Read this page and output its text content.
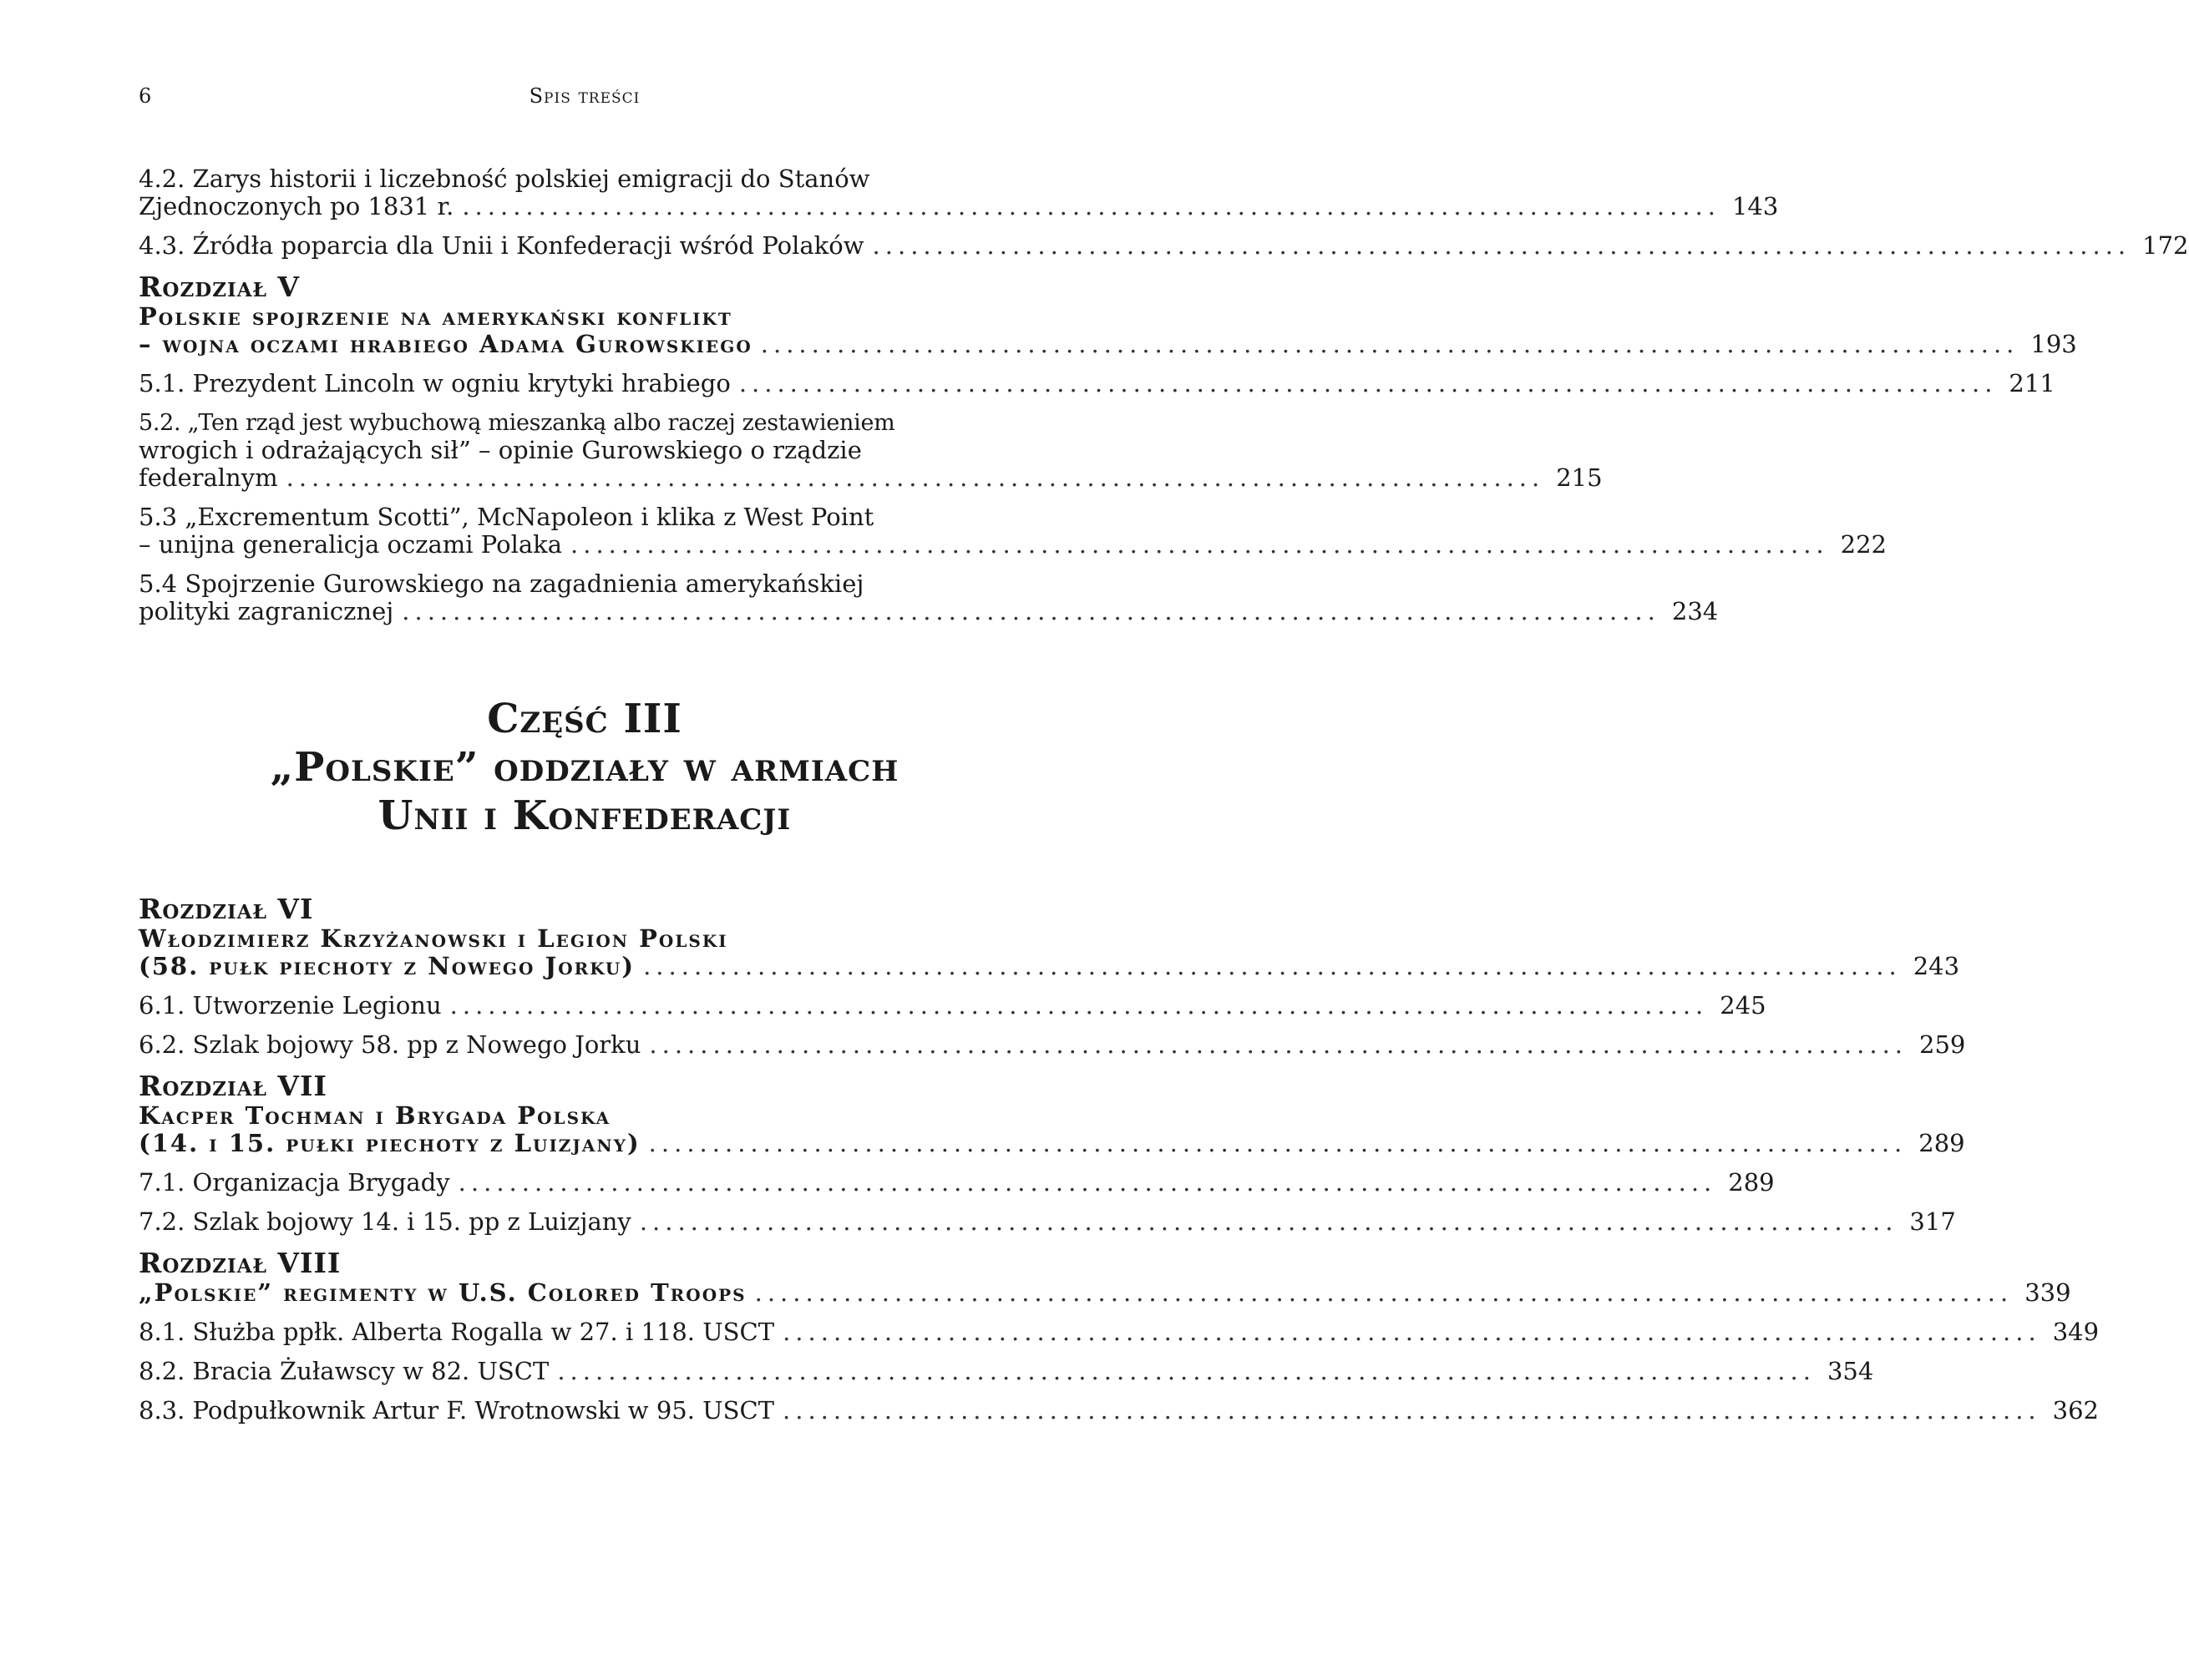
6	Spis treści
4.2. Zarys historii i liczebność polskiej emigracji do Stanów
Zjednoczonych po 1831 r. ................................................................................................... 143
4.3. Źródła poparcia dla Unii i Konfederacji wśród Polaków ................................................................................................... 172
Rozdział V
Polskie spojrzenie na amerykański konflikt
– wojna oczami hrabiego Adama Gurowskiego ................................................................................................... 193
5.1. Prezydent Lincoln w ogniu krytyki hrabiego ................................................................................................... 211
5.2. „Ten rząd jest wybuchową mieszanką albo raczej zestawieniem
wrogich i odrażających sił” – opinie Gurowskiego o rządzie
federalnym ................................................................................................... 215
5.3 „Excrementum Scotti”, McNapoleon i klika z West Point
– unijna generalicja oczami Polaka ................................................................................................... 222
5.4 Spojrzenie Gurowskiego na zagadnienia amerykańskiej
polityki zagranicznej ................................................................................................... 234
Część III
„Polskie” oddziały w armiach
Unii i Konfederacji
Rozdział VI
Włodzimierz Krzyżanowski i Legion Polski
(58. pułk piechoty z Nowego Jorku) ................................................................................................... 243
6.1. Utworzenie Legionu ................................................................................................... 245
6.2. Szlak bojowy 58. pp z Nowego Jorku ................................................................................................... 259
Rozdział VII
Kacper Tochman i Brygada Polska
(14. i 15. pułki piechoty z Luizjany) ................................................................................................... 289
7.1. Organizacja Brygady ................................................................................................... 289
7.2. Szlak bojowy 14. i 15. pp z Luizjany ................................................................................................... 317
Rozdział VIII
„Polskie” regimenty w U.S. Colored Troops ................................................................................................... 339
8.1. Służba ppłk. Alberta Rogalla w 27. i 118. USCT ................................................................................................... 349
8.2. Bracia Żuławscy w 82. USCT ................................................................................................... 354
8.3. Podpułkownik Artur F. Wrotnowski w 95. USCT ................................................................................................... 362
